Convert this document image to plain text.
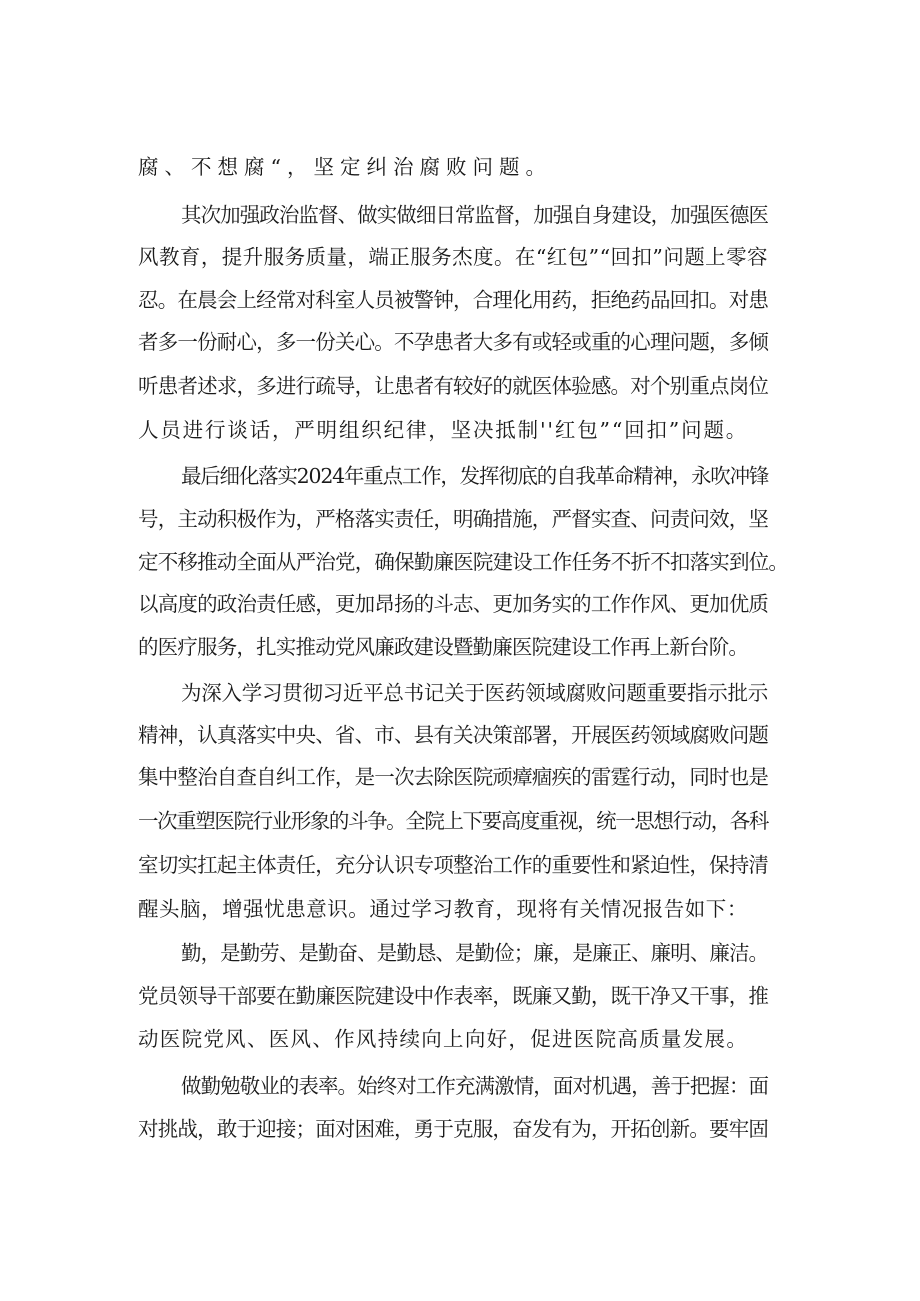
腐、不想腐“，坚定纠治腐败问题。
其次加强政治监督、做实做细日常监督，加强自身建设，加强医德医
风教育，提升服务质量，端正服务杰度。在“红包”“回扣”问题上零容
忍。在晨会上经常对科室人员被警钟，合理化用药，拒绝药品回扣。对患
者多一份耐心，多一份关心。不孕患者大多有或轻或重的心理问题，多倾
听患者述求，多进行疏导，让患者有较好的就医体验感。对个别重点岗位
人员进行谈话，严明组织纪律，坚决抵制''红包”“回扣”问题。
最后细化落实2024年重点工作，发挥彻底的自我革命精神，永吹冲锋
号，主动积极作为，严格落实责任，明确措施，严督实查、问责问效，坚
定不移推动全面从严治党，确保勤廉医院建设工作任务不折不扣落实到位。
以高度的政治责任感，更加昂扬的斗志、更加务实的工作作风、更加优质
的医疗服务，扎实推动党风廉政建设暨勤廉医院建设工作再上新台阶。
为深入学习贯彻习近平总书记关于医药领域腐败问题重要指示批示
精神，认真落实中央、省、市、县有关决策部署，开展医药领域腐败问题
集中整治自查自纠工作，是一次去除医院顽瘴痼疾的雷霆行动，同时也是
一次重塑医院行业形象的斗争。全院上下要高度重视，统一思想行动，各科
室切实扛起主体责任，充分认识专项整治工作的重要性和紧迫性，保持清
醒头脑，增强忧患意识。通过学习教育，现将有关情况报告如下：
勤，是勤劳、是勤奋、是勤恳、是勤俭；廉，是廉正、廉明、廉洁。
党员领导干部要在勤廉医院建设中作表率，既廉又勤，既干净又干事，推
动医院党风、医风、作风持续向上向好，促进医院高质量发展。
做勤勉敬业的表率。始终对工作充满激情，面对机遇，善于把握：面
对挑战，敢于迎接；面对困难，勇于克服，奋发有为，开拓创新。要牢固
